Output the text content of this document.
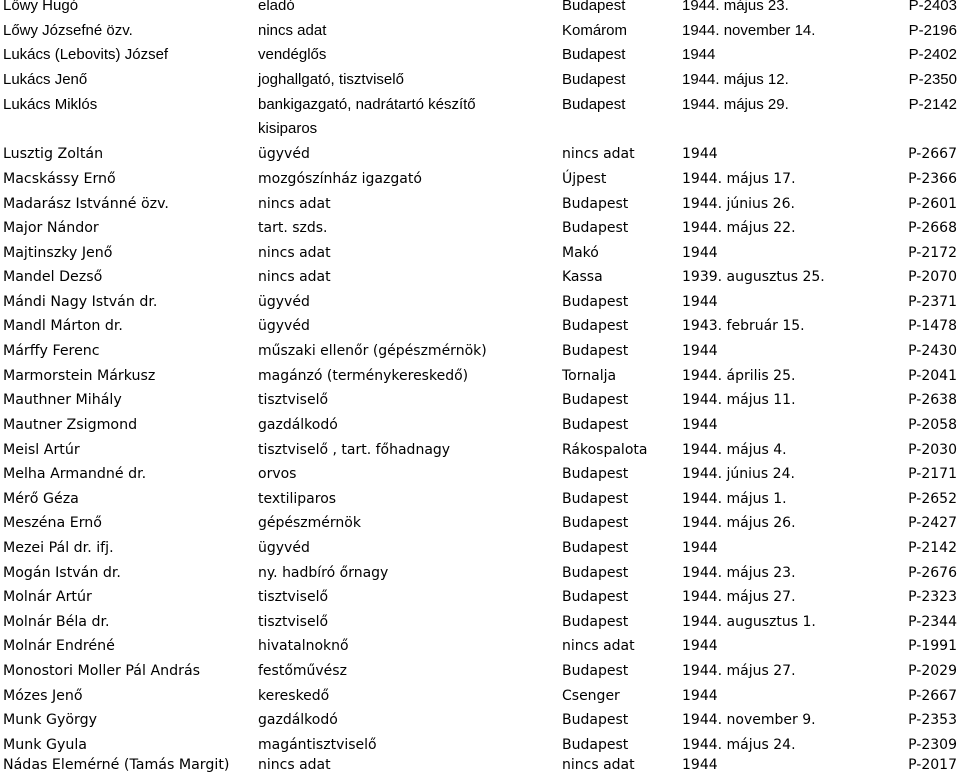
Lőwy Hugó	eladó	Budapest	1944. május 23.	P-2403
Lőwy Józsefné özv.	nincs adat	Komárom	1944. november 14.	P-2196
Lukács (Lebovits) József	vendéglős	Budapest	1944	P-2402
Lukács Jenő	joghallgató, tisztviselő	Budapest	1944. május 12.	P-2350
Lukács Miklós	bankigazgató, nadrátartó készítő	Budapest	1944. május 29.	P-2142
kisiparos
Lusztig Zoltán	ügyvéd	nincs adat	1944	P-2667
Macskássy Ernő	mozgószínház igazgató	Újpest	1944. május 17.	P-2366
Madarász Istvánné özv.	nincs adat	Budapest	1944. június 26.	P-2601
Major Nándor	tart. szds.	Budapest	1944. május 22.	P-2668
Majtinszky Jenő	nincs adat	Makó	1944	P-2172
Mandel Dezső	nincs adat	Kassa	1939. augusztus 25.	P-2070
Mándi Nagy István dr.	ügyvéd	Budapest	1944	P-2371
Mandl Márton dr.	ügyvéd	Budapest	1943. február 15.	P-1478
Márffy Ferenc	műszaki ellenőr (gépészmérnök)	Budapest	1944	P-2430
Marmorstein Márkusz	magánzó (terménykereskedő)	Tornalja	1944. április 25.	P-2041
Mauthner Mihály	tisztviselő	Budapest	1944. május 11.	P-2638
Mautner Zsigmond	gazdálkodó	Budapest	1944	P-2058
Meisl Artúr	tisztviselő , tart. főhadnagy	Rákospalota 1944. május 4.	P-2030
Melha Armandné dr.	orvos	Budapest	1944. június 24.	P-2171
Mérő Géza	textiliparos	Budapest	1944. május 1.	P-2652
Meszéna Ernő	gépészmérnök	Budapest	1944. május 26.	P-2427
Mezei Pál dr. ifj.	ügyvéd	Budapest	1944	P-2142
Mogán István dr.	ny. hadbíró őrnagy	Budapest	1944. május 23.	P-2676
Molnár Artúr	tisztviselő	Budapest	1944. május 27.	P-2323
Molnár Béla dr.	tisztviselő	Budapest	1944. augusztus 1.	P-2344
Molnár Endréné	hivatalnoknő	nincs adat	1944	P-1991
Monostori Moller Pál András	festőművész	Budapest	1944. május 27.	P-2029
Mózes Jenő	kereskedő	Csenger	1944	P-2667
Munk György	gazdálkodó	Budapest	1944. november 9.	P-2353
Munk Gyula	magántisztviselő	Budapest	1944. május 24.	P-2309
Nádas Elemérné (Tamás Margit) nincs adat	nincs adat	1944	P-2017
